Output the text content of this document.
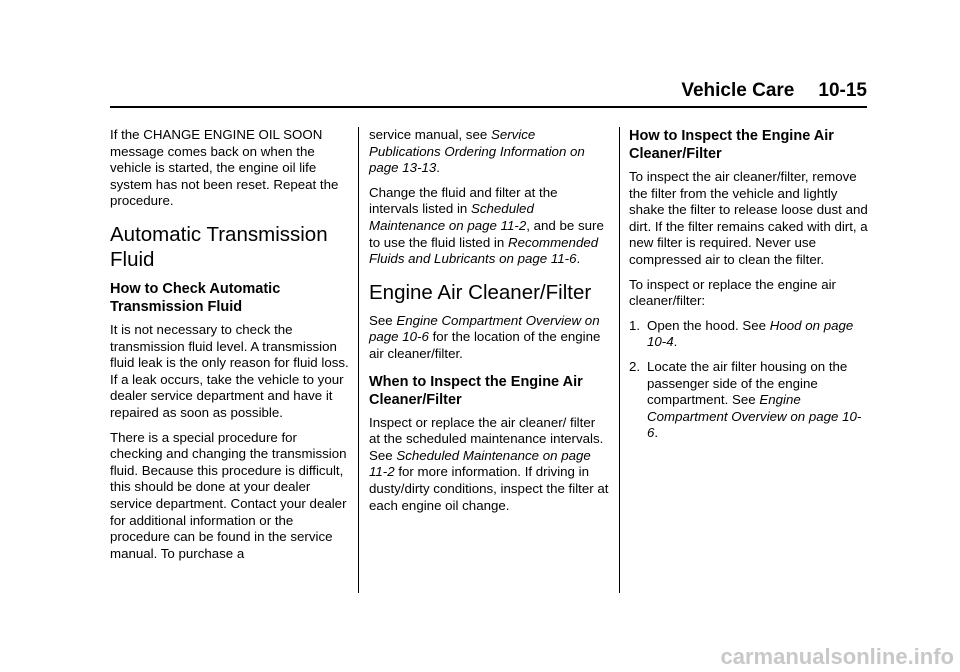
Vehicle Care 10-15

If the CHANGE ENGINE OIL SOON message comes back on when the vehicle is started, the engine oil life system has not been reset. Repeat the procedure.

Automatic Transmission Fluid
How to Check Automatic Transmission Fluid

It is not necessary to check the transmission fluid level. A transmission fluid leak is the only reason for fluid loss. If a leak occurs, take the vehicle to your dealer service department and have it repaired as soon as possible.

There is a special procedure for checking and changing the transmission fluid. Because this procedure is difficult, this should be done at your dealer service department. Contact your dealer for additional information or the procedure can be found in the service manual. To purchase a

service manual, see Service Publications Ordering Information on page 13-13.

Change the fluid and filter at the intervals listed in Scheduled Maintenance on page 11-2, and be sure to use the fluid listed in Recommended Fluids and Lubricants on page 11-6.

Engine Air Cleaner/Filter

See Engine Compartment Overview on page 10-6 for the location of the engine air cleaner/filter.

When to Inspect the Engine Air Cleaner/Filter

Inspect or replace the air cleaner/ filter at the scheduled maintenance intervals. See Scheduled Maintenance on page 11-2 for more information. If driving in dusty/dirty conditions, inspect the filter at each engine oil change.

How to Inspect the Engine Air Cleaner/Filter

To inspect the air cleaner/filter, remove the filter from the vehicle and lightly shake the filter to release loose dust and dirt. If the filter remains caked with dirt, a new filter is required. Never use compressed air to clean the filter.

To inspect or replace the engine air cleaner/filter:

1. Open the hood. See Hood on page 10-4.
2. Locate the air filter housing on the passenger side of the engine compartment. See Engine Compartment Overview on page 10-6.
carmanualsonline.info
